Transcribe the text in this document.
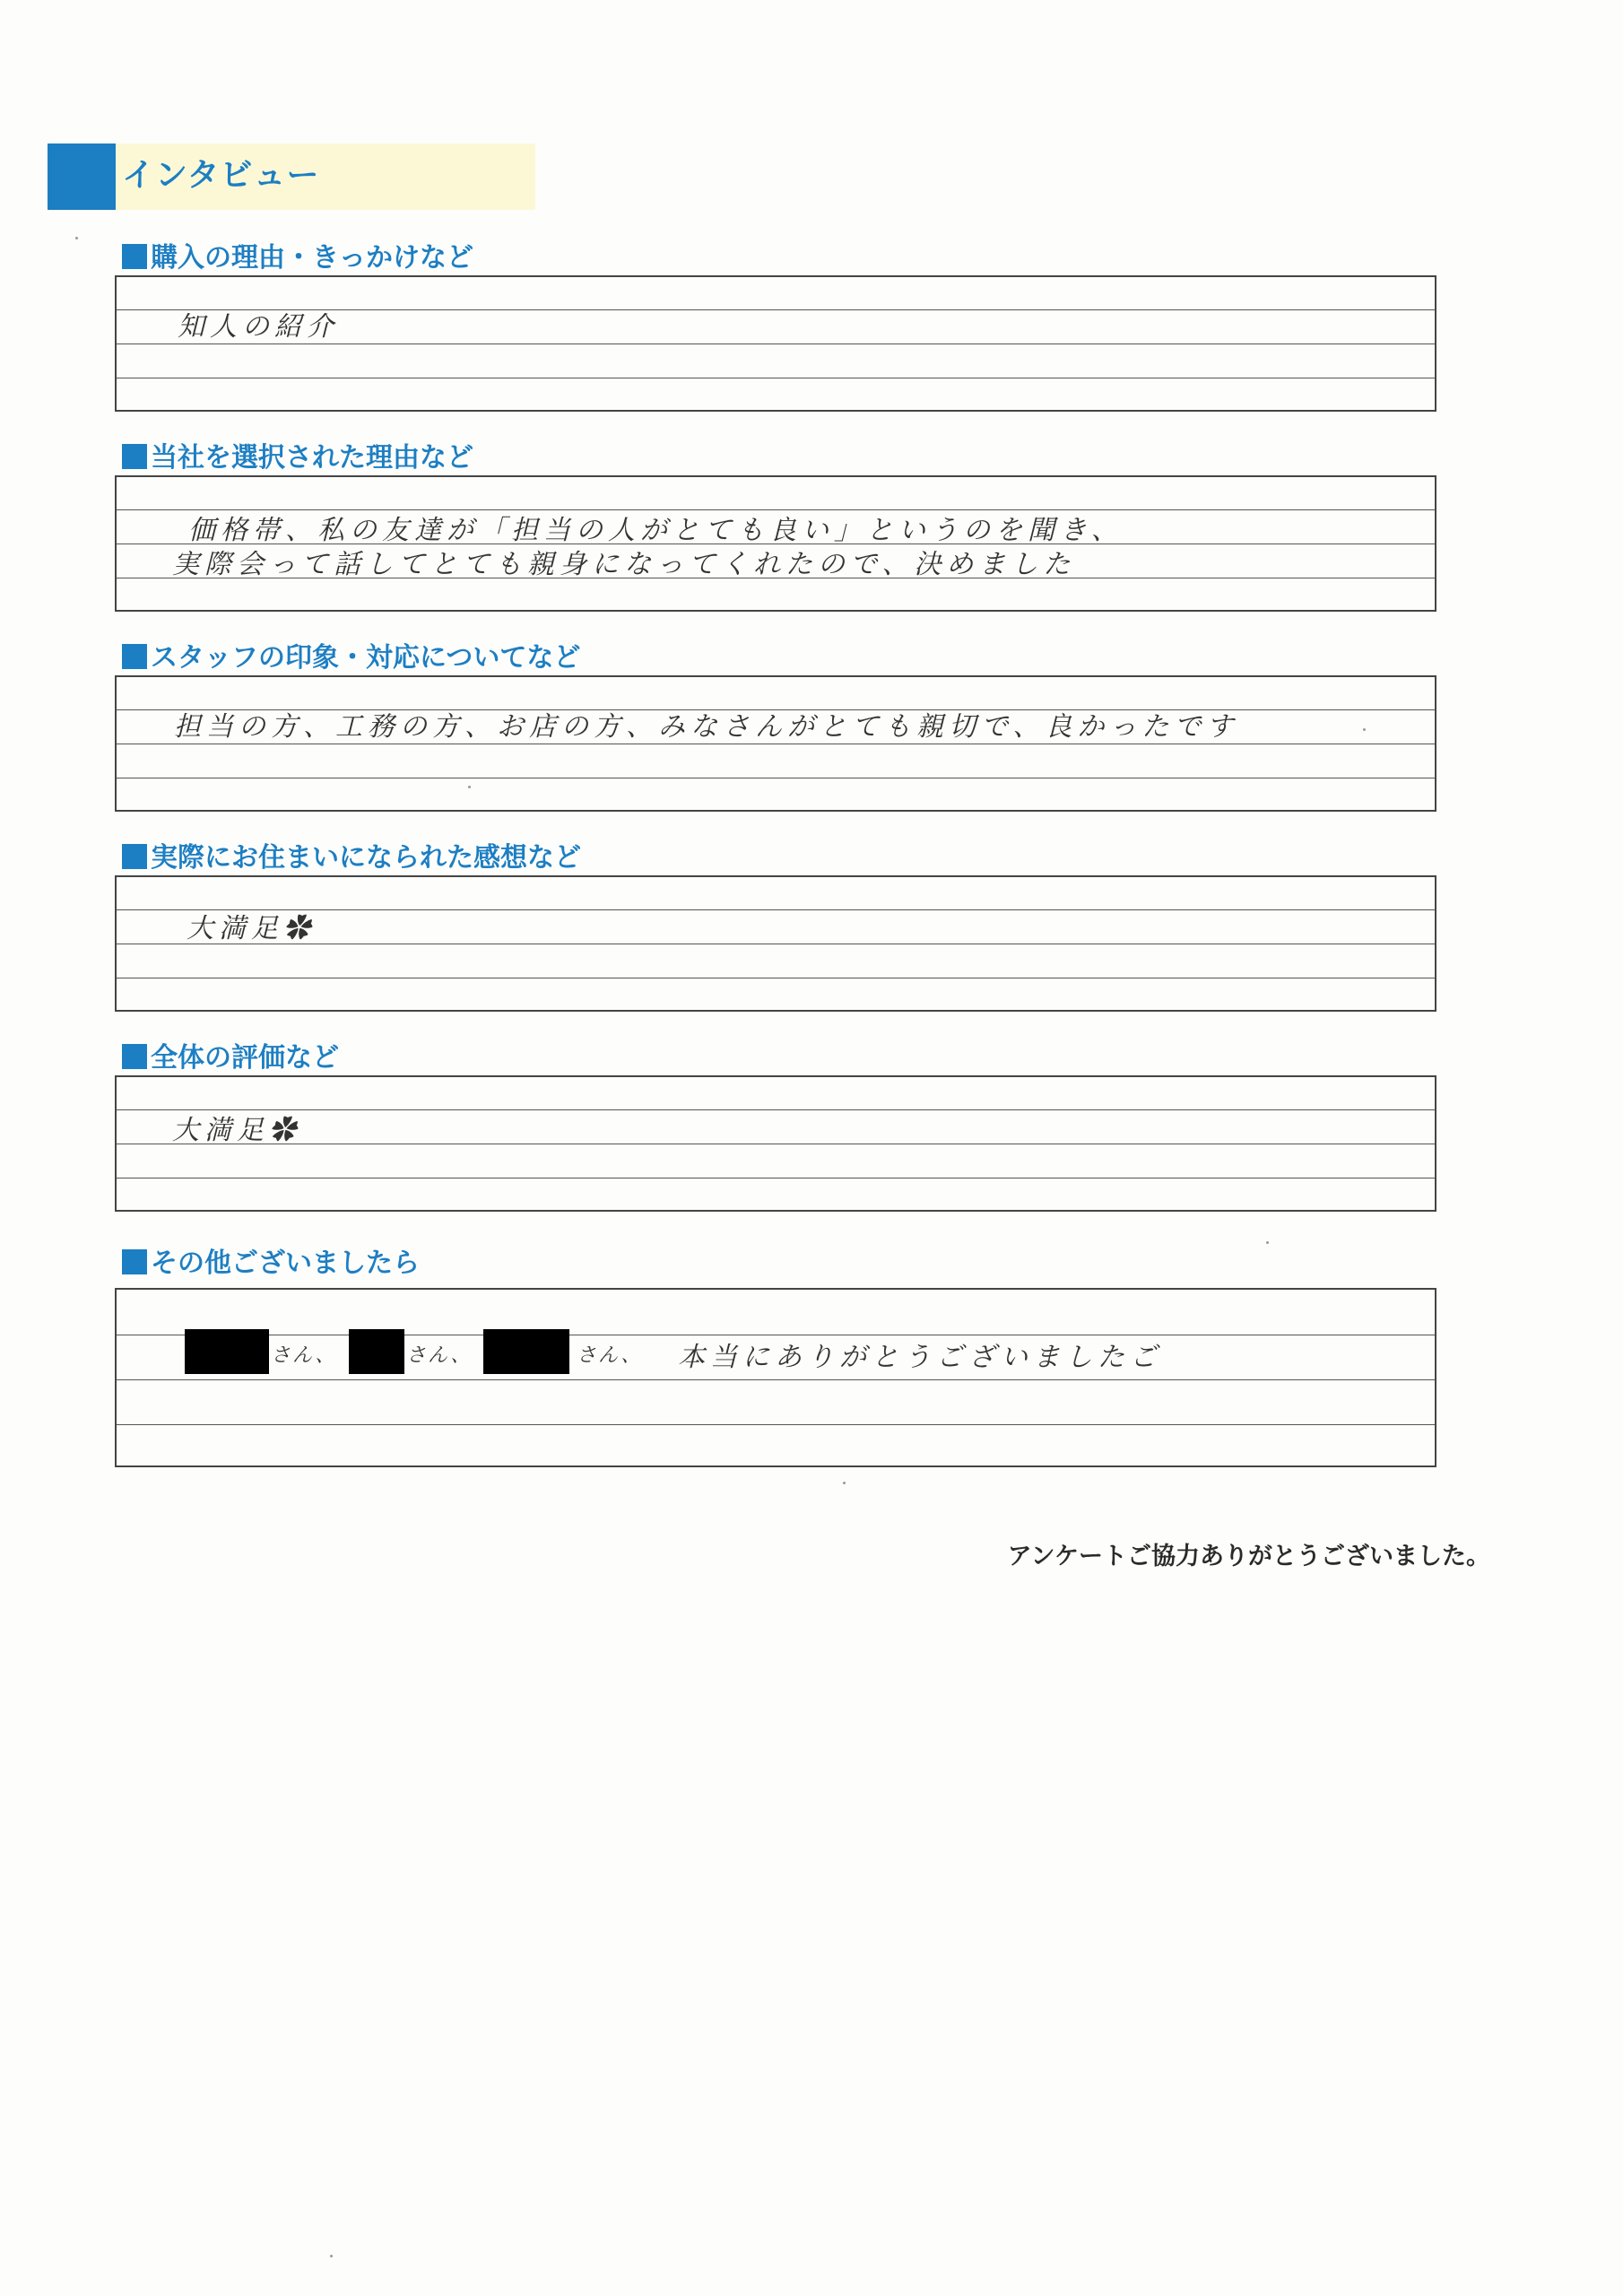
インタビュー
購入の理由・きっかけなど
知人の紹介
当社を選択された理由など
価格帯、私の友達が「担当の人がとても良い」というのを聞き、
実際会って話してとても親身になってくれたので、決めました
スタッフの印象・対応についてなど
担当の方、工務の方、お店の方、みなさんがとても親切で、良かったです
実際にお住まいになられた感想など
大満足✿
全体の評価など
大満足✿
その他ございましたら
さん、	さん、	さん、 本当にありがとうございましたご
アンケートご協力ありがとうございました。
